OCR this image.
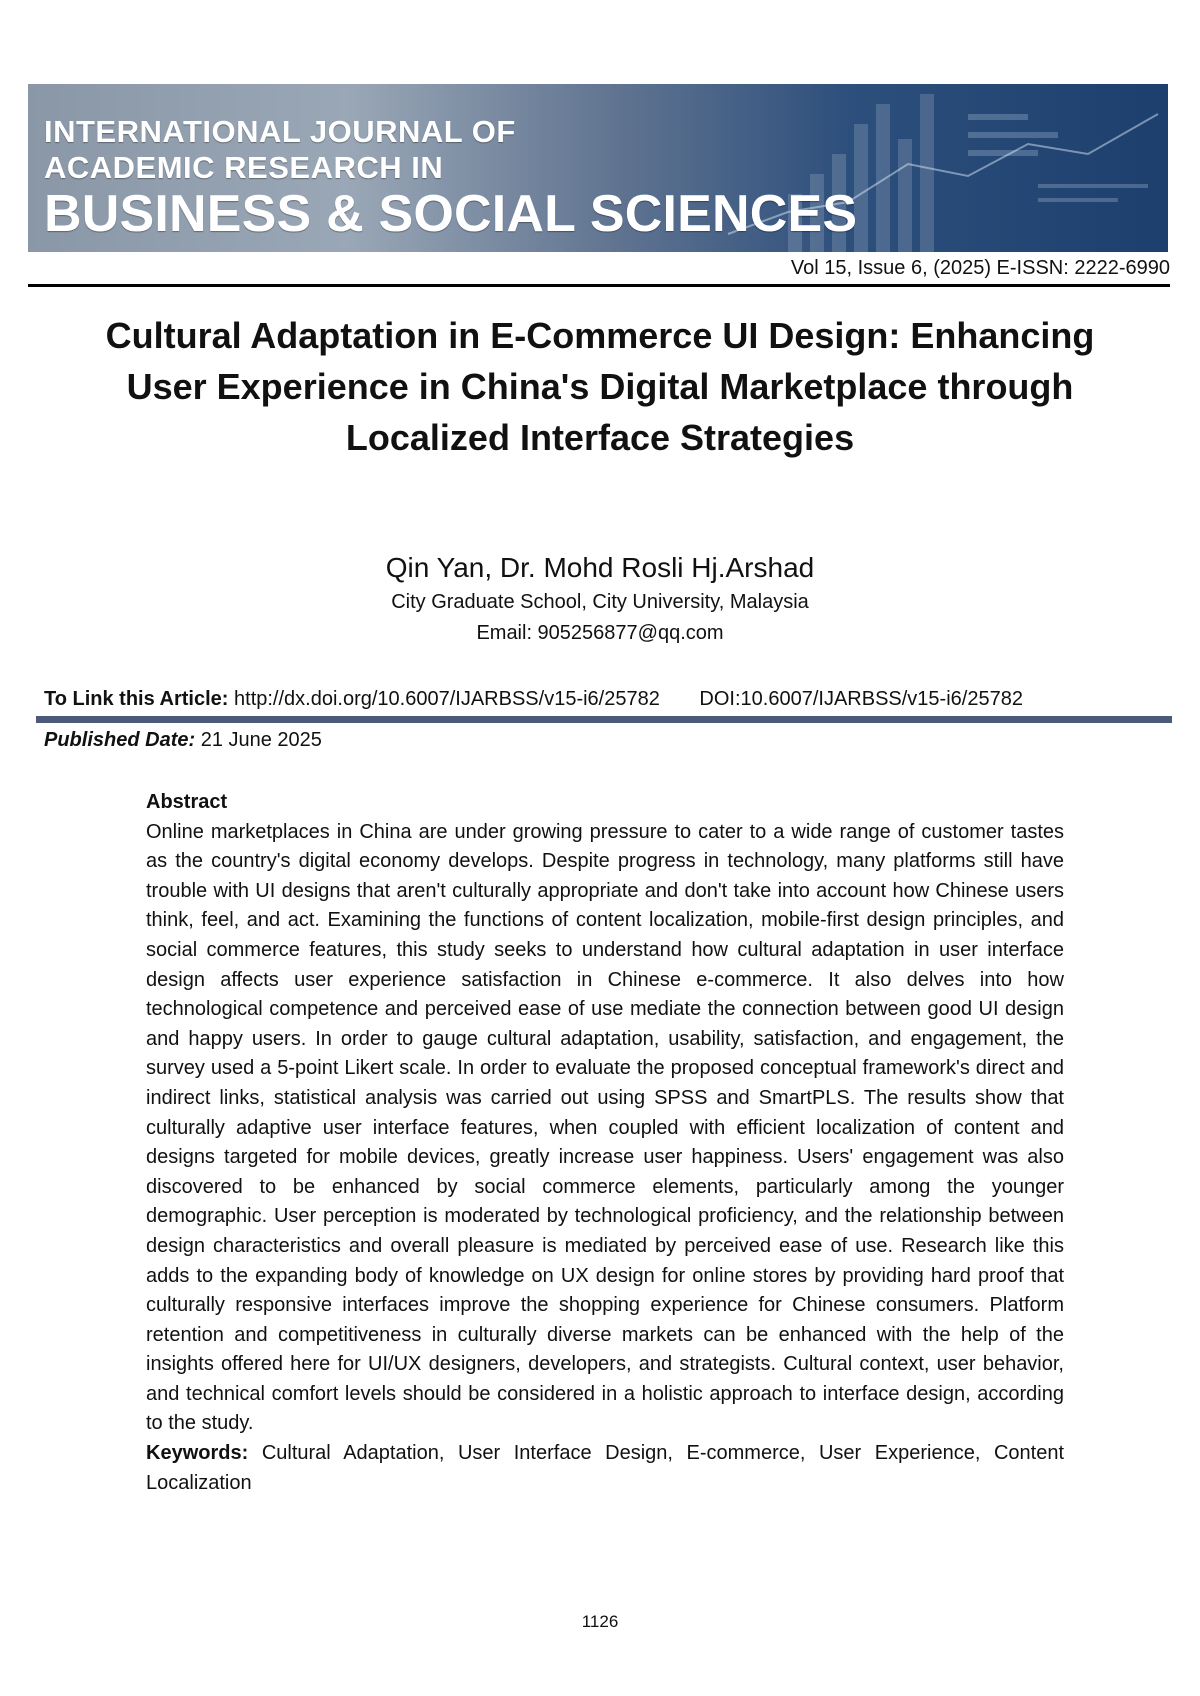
INTERNATIONAL JOURNAL OF
ACADEMIC RESEARCH IN
BUSINESS & SOCIAL SCIENCES
Vol 15, Issue 6, (2025) E-ISSN: 2222-6990
Cultural Adaptation in E-Commerce UI Design: Enhancing User Experience in China's Digital Marketplace through Localized Interface Strategies
Qin Yan, Dr. Mohd Rosli Hj.Arshad
City Graduate School, City University, Malaysia
Email: 905256877@qq.com
To Link this Article: http://dx.doi.org/10.6007/IJARBSS/v15-i6/25782 DOI:10.6007/IJARBSS/v15-i6/25782
Published Date: 21 June 2025
Abstract
Online marketplaces in China are under growing pressure to cater to a wide range of customer tastes as the country's digital economy develops. Despite progress in technology, many platforms still have trouble with UI designs that aren't culturally appropriate and don't take into account how Chinese users think, feel, and act. Examining the functions of content localization, mobile-first design principles, and social commerce features, this study seeks to understand how cultural adaptation in user interface design affects user experience satisfaction in Chinese e-commerce. It also delves into how technological competence and perceived ease of use mediate the connection between good UI design and happy users. In order to gauge cultural adaptation, usability, satisfaction, and engagement, the survey used a 5-point Likert scale. In order to evaluate the proposed conceptual framework's direct and indirect links, statistical analysis was carried out using SPSS and SmartPLS. The results show that culturally adaptive user interface features, when coupled with efficient localization of content and designs targeted for mobile devices, greatly increase user happiness. Users' engagement was also discovered to be enhanced by social commerce elements, particularly among the younger demographic. User perception is moderated by technological proficiency, and the relationship between design characteristics and overall pleasure is mediated by perceived ease of use. Research like this adds to the expanding body of knowledge on UX design for online stores by providing hard proof that culturally responsive interfaces improve the shopping experience for Chinese consumers. Platform retention and competitiveness in culturally diverse markets can be enhanced with the help of the insights offered here for UI/UX designers, developers, and strategists. Cultural context, user behavior, and technical comfort levels should be considered in a holistic approach to interface design, according to the study.
Keywords: Cultural Adaptation, User Interface Design, E-commerce, User Experience, Content Localization
1126
